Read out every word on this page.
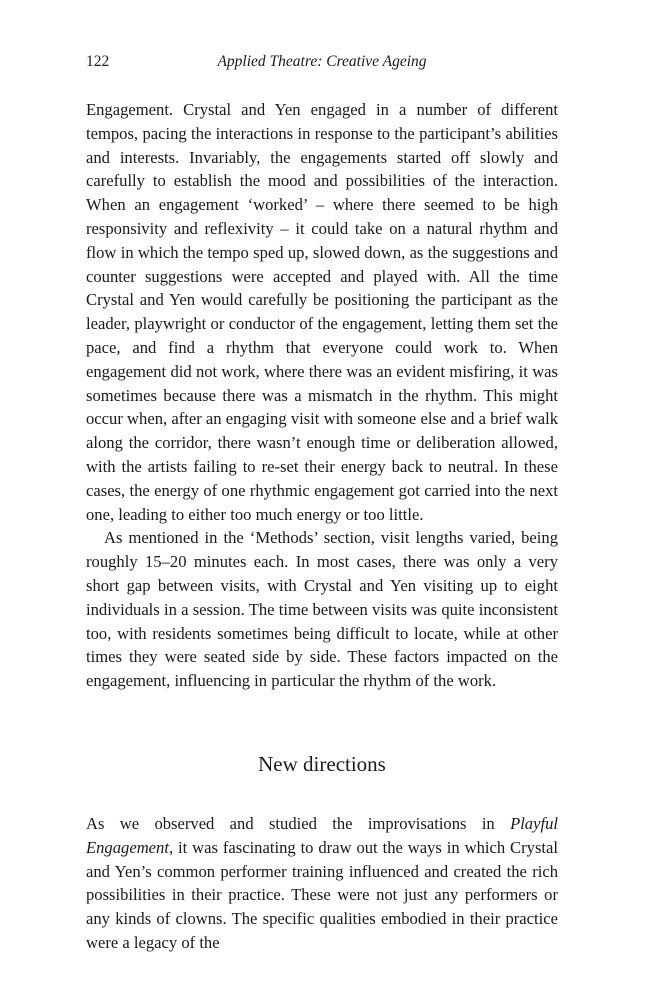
122	Applied Theatre: Creative Ageing

Engagement. Crystal and Yen engaged in a number of different tempos, pacing the interactions in response to the participant’s abilities and interests. Invariably, the engagements started off slowly and carefully to establish the mood and possibilities of the interaction. When an engagement ‘worked’ – where there seemed to be high responsivity and reflexivity – it could take on a natural rhythm and flow in which the tempo sped up, slowed down, as the suggestions and counter suggestions were accepted and played with. All the time Crystal and Yen would carefully be positioning the participant as the leader, playwright or conductor of the engagement, letting them set the pace, and find a rhythm that everyone could work to. When engagement did not work, where there was an evident misfiring, it was sometimes because there was a mismatch in the rhythm. This might occur when, after an engaging visit with someone else and a brief walk along the corridor, there wasn’t enough time or deliberation allowed, with the artists failing to re-set their energy back to neutral. In these cases, the energy of one rhythmic engagement got carried into the next one, leading to either too much energy or too little.

As mentioned in the ‘Methods’ section, visit lengths varied, being roughly 15–20 minutes each. In most cases, there was only a very short gap between visits, with Crystal and Yen visiting up to eight individuals in a session. The time between visits was quite inconsistent too, with residents sometimes being difficult to locate, while at other times they were seated side by side. These factors impacted on the engagement, influencing in particular the rhythm of the work.

New directions

As we observed and studied the improvisations in Playful Engagement, it was fascinating to draw out the ways in which Crystal and Yen’s common performer training influenced and created the rich possibilities in their practice. These were not just any performers or any kinds of clowns. The specific qualities embodied in their practice were a legacy of the
